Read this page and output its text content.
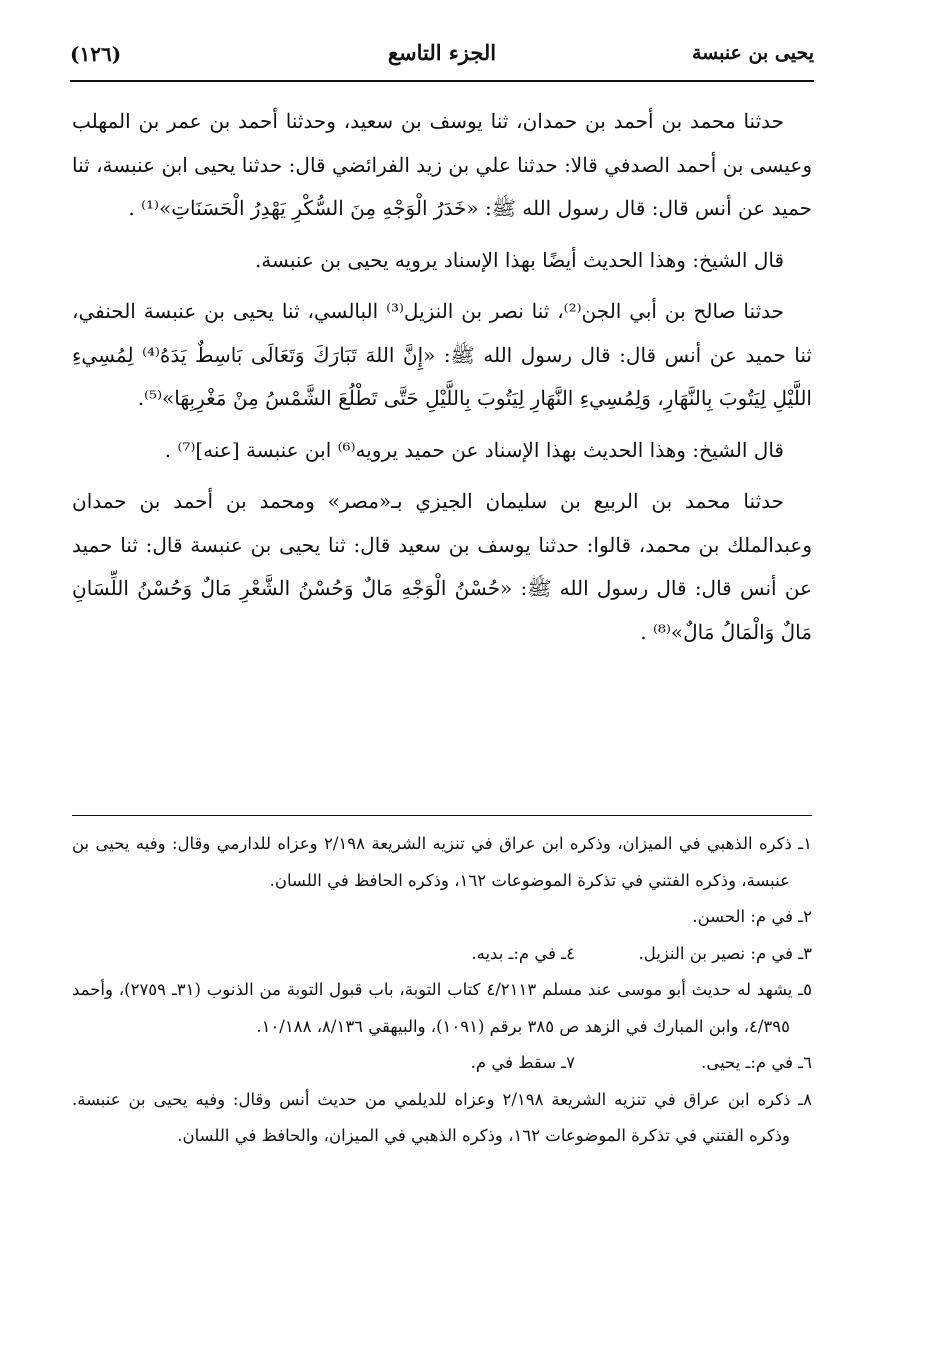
يحيى بن عنبسة
الجزء التاسع
(١٢٦)

حدثنا محمد بن أحمد بن حمدان، ثنا يوسف بن سعيد، وحدثنا أحمد بن عمر بن المهلب وعيسى بن أحمد الصدفي قالا: حدثنا علي بن زيد الفرائضي قال: حدثنا يحيى ابن عنبسة، ثنا حميد عن أنس قال: قال رسول الله ﷺ: «خَدَرُ الْوَجْهِ مِنَ السُّكْرِ يَهْدِرُ الْحَسَنَاتِ»⁽¹⁾ .

قال الشيخ: وهذا الحديث أيضًا بهذا الإسناد يرويه يحيى بن عنبسة.

حدثنا صالح بن أبي الجن⁽²⁾، ثنا نصر بن النزيل⁽³⁾ البالسي، ثنا يحيى بن عنبسة الحنفي، ثنا حميد عن أنس قال: قال رسول الله ﷺ: «إِنَّ اللهَ تَبَارَكَ وَتَعَالَى بَاسِطٌ يَدَهُ⁽⁴⁾ لِمُسِيءِ اللَّيْلِ لِيَتُوبَ بِالنَّهَارِ، وَلِمُسِيءِ النَّهَارِ لِيَتُوبَ بِاللَّيْلِ حَتَّى تَطْلُعَ الشَّمْسُ مِنْ مَغْرِبِهَا»⁽⁵⁾.

قال الشيخ: وهذا الحديث بهذا الإسناد عن حميد يرويه⁽⁶⁾ ابن عنبسة [عنه]⁽⁷⁾ .

حدثنا محمد بن الربيع بن سليمان الجيزي بـ«مصر» ومحمد بن أحمد بن حمدان وعبدالملك بن محمد، قالوا: حدثنا يوسف بن سعيد قال: ثنا يحيى بن عنبسة قال: ثنا حميد عن أنس قال: قال رسول الله ﷺ: «حُسْنُ الْوَجْهِ مَالٌ وَحُسْنُ الشَّعْرِ مَالٌ وَحُسْنُ اللِّسَانِ مَالٌ وَالْمَالُ مَالٌ»⁽⁸⁾ .

١ـ ذكره الذهبي في الميزان، وذكره ابن عراق في تنزيه الشريعة ٢/١٩٨ وعزاه للدارمي وقال: وفيه يحيى بن عنبسة، وذكره الفتني في تذكرة الموضوعات ١٦٢، وذكره الحافظ في اللسان.

٢ـ في م: الحسن.

٣ـ في م: نصير بن النزيل.

٤ـ في م:ـ بديه.

٥ـ يشهد له حديث أبو موسى عند مسلم ٤/٢١١٣ كتاب التوبة، باب قبول التوبة من الذنوب (٣١ـ ٢٧٥٩)، وأحمد ٤/٣٩٥، وابن المبارك في الزهد ص ٣٨٥ برقم (١٠٩١)، والبيهقي ٨/١٣٦، ١٠/١٨٨.

٦ـ في م:ـ يحيى.

٧ـ سقط في م.

٨ـ ذكره ابن عراق في تنزيه الشريعة ٢/١٩٨ وعزاه للديلمي من حديث أنس وقال: وفيه يحيى بن عنبسة. وذكره الفتني في تذكرة الموضوعات ١٦٢، وذكره الذهبي في الميزان، والحافظ في اللسان.
